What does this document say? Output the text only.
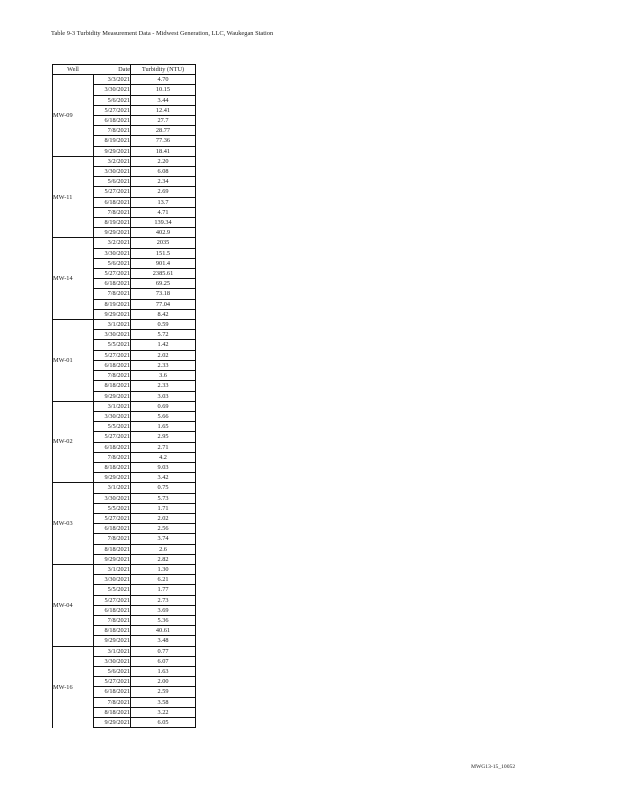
Table 9-3 Turbidity Measurement Data - Midwest Generation, LLC, Waukegan Station
Well	Date	Turbidity (NTU)
MW-09	3/3/2021	4.70
	3/30/2021	10.15
	5/6/2021	3.44
	5/27/2021	12.41
	6/18/2021	27.7
	7/8/2021	28.77
	8/19/2021	77.36
	9/29/2021	18.41
MW-11	3/2/2021	2.20
	3/30/2021	6.08
	5/6/2021	2.34
	5/27/2021	2.69
	6/18/2021	13.7
	7/8/2021	4.71
	8/19/2021	139.34
	9/29/2021	402.9
MW-14	3/2/2021	2035
	3/30/2021	151.5
	5/6/2021	901.4
	5/27/2021	2385.61
	6/18/2021	69.25
	7/8/2021	73.18
	8/19/2021	77.04
	9/29/2021	8.42
MW-01	3/1/2021	0.59
	3/30/2021	5.72
	5/5/2021	1.42
	5/27/2021	2.02
	6/18/2021	2.33
	7/8/2021	3.6
	8/18/2021	2.33
	9/29/2021	3.03
MW-02	3/1/2021	0.69
	3/30/2021	5.66
	5/5/2021	1.65
	5/27/2021	2.95
	6/18/2021	2.71
	7/8/2021	4.2
	8/18/2021	9.03
	9/29/2021	3.42
MW-03	3/1/2021	0.75
	3/30/2021	5.73
	5/5/2021	1.71
	5/27/2021	2.02
	6/18/2021	2.56
	7/8/2021	3.74
	8/18/2021	2.6
	9/29/2021	2.82
MW-04	3/1/2021	1.30
	3/30/2021	6.21
	5/5/2021	1.77
	5/27/2021	2.73
	6/18/2021	3.69
	7/8/2021	5.36
	8/18/2021	40.61
	9/29/2021	3.48
MW-16	3/1/2021	0.77
	3/30/2021	6.07
	5/6/2021	1.63
	5/27/2021	2.00
	6/18/2021	2.59
	7/8/2021	3.58
	8/18/2021	3.22
	9/29/2021	6.05
MWG13-15_10052
